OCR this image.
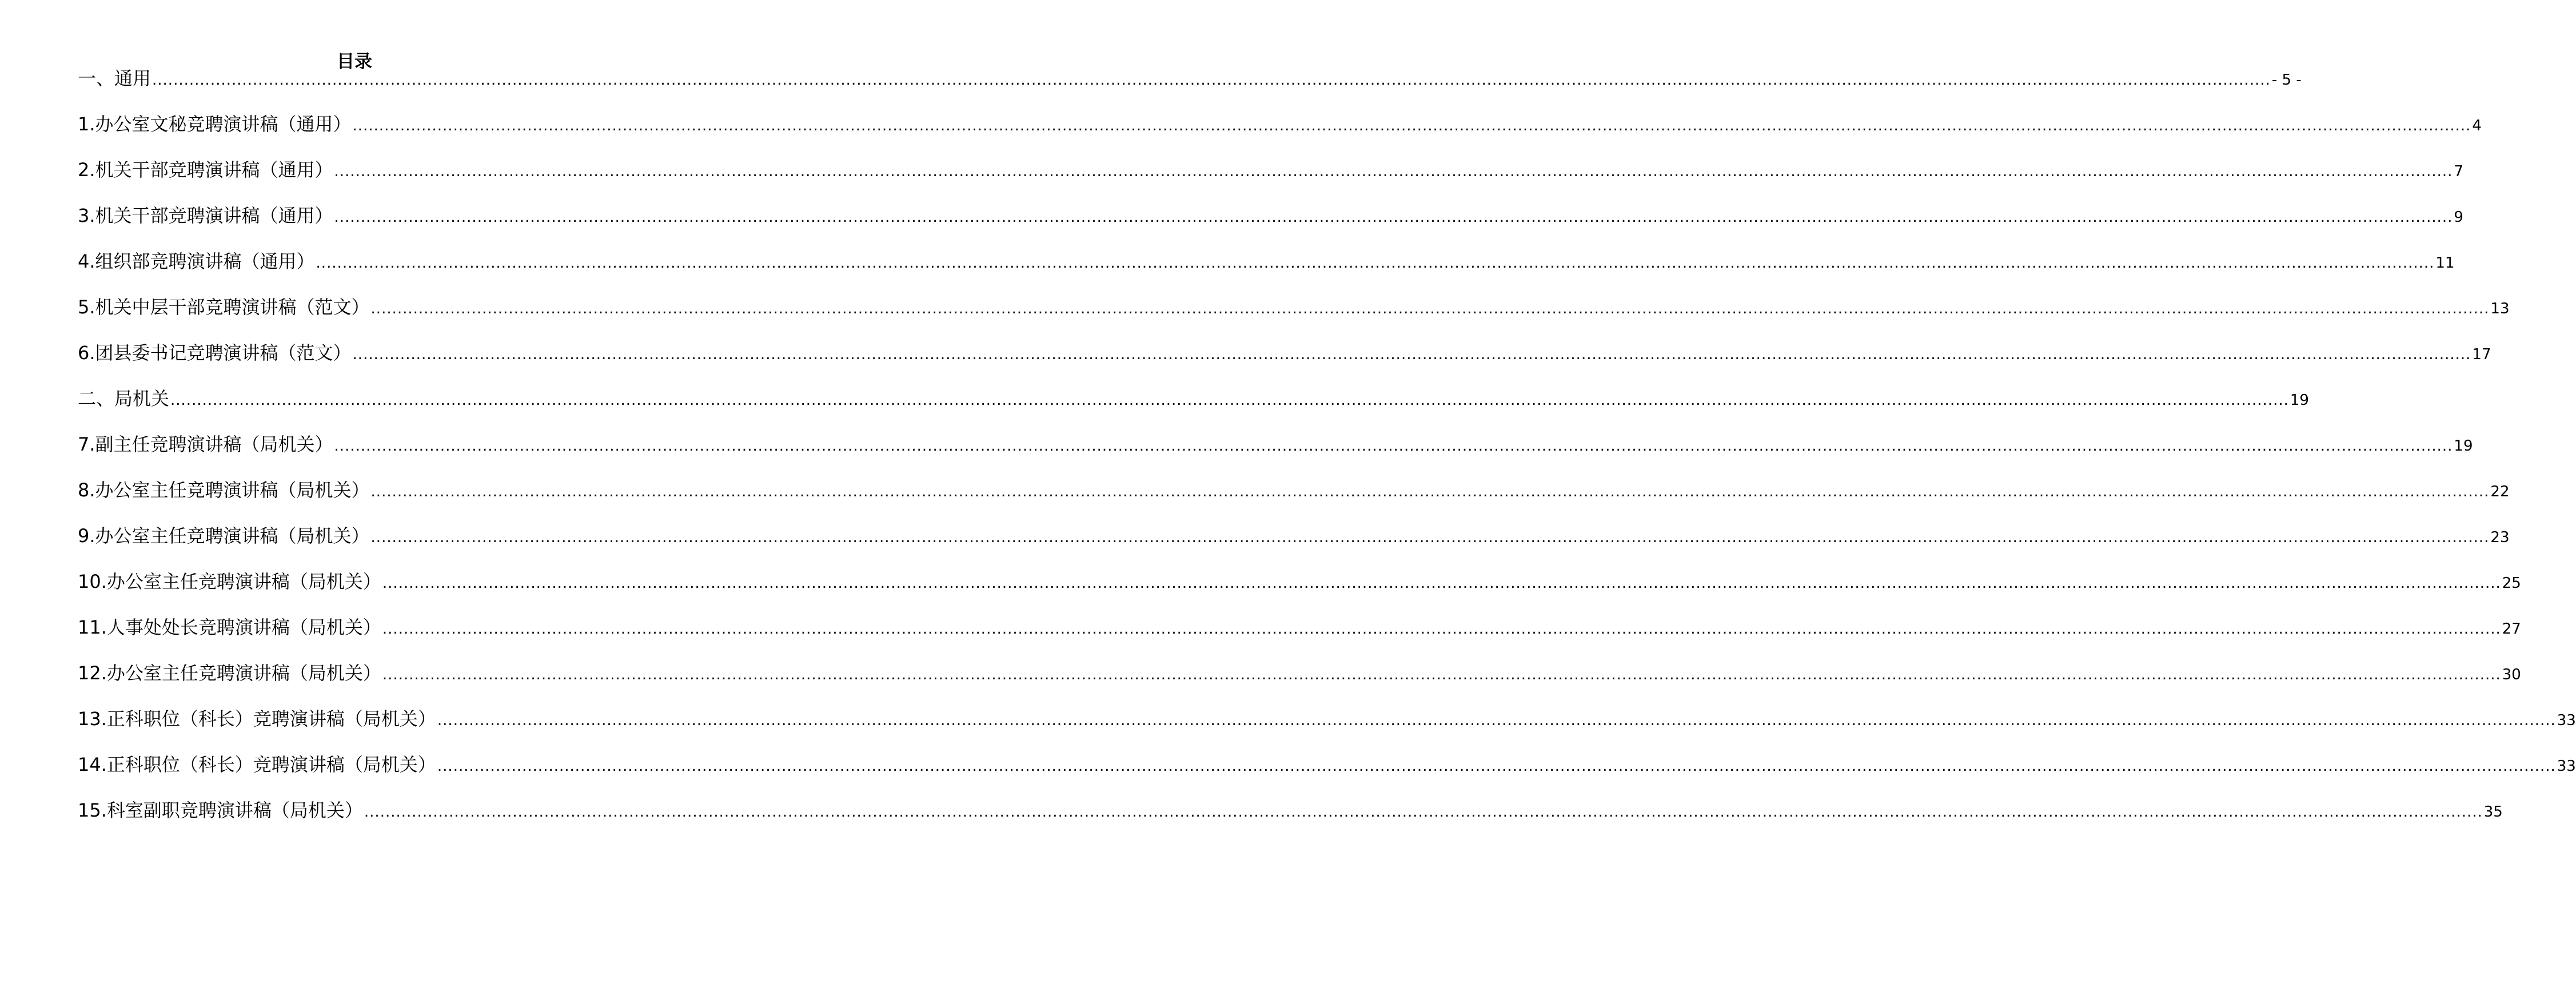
目录
一、通用 ................................................................................................................................................................................................................................................................................................................................................................................................................ - 5 -
1.办公室文秘竞聘演讲稿（通用） ................................................................................................................................................................................................................................................................................................................................................................................................................ 4
2.机关干部竞聘演讲稿（通用） ................................................................................................................................................................................................................................................................................................................................................................................................................ 7
3.机关干部竞聘演讲稿（通用） ................................................................................................................................................................................................................................................................................................................................................................................................................ 9
4.组织部竞聘演讲稿（通用） ................................................................................................................................................................................................................................................................................................................................................................................................................ 11
5.机关中层干部竞聘演讲稿（范文） ................................................................................................................................................................................................................................................................................................................................................................................................................ 13
6.团县委书记竞聘演讲稿（范文） ................................................................................................................................................................................................................................................................................................................................................................................................................ 17
二、局机关 ................................................................................................................................................................................................................................................................................................................................................................................................................ 19
7.副主任竞聘演讲稿（局机关） ................................................................................................................................................................................................................................................................................................................................................................................................................ 19
8.办公室主任竞聘演讲稿（局机关） ................................................................................................................................................................................................................................................................................................................................................................................................................ 22
9.办公室主任竞聘演讲稿（局机关） ................................................................................................................................................................................................................................................................................................................................................................................................................ 23
10.办公室主任竞聘演讲稿（局机关） ................................................................................................................................................................................................................................................................................................................................................................................................................ 25
11.人事处处长竞聘演讲稿（局机关） ................................................................................................................................................................................................................................................................................................................................................................................................................ 27
12.办公室主任竞聘演讲稿（局机关） ................................................................................................................................................................................................................................................................................................................................................................................................................ 30
13.正科职位（科长）竞聘演讲稿（局机关） ................................................................................................................................................................................................................................................................................................................................................................................................................ 33
14.正科职位（科长）竞聘演讲稿（局机关） ................................................................................................................................................................................................................................................................................................................................................................................................................ 33
15.科室副职竞聘演讲稿（局机关） ................................................................................................................................................................................................................................................................................................................................................................................................................ 35
